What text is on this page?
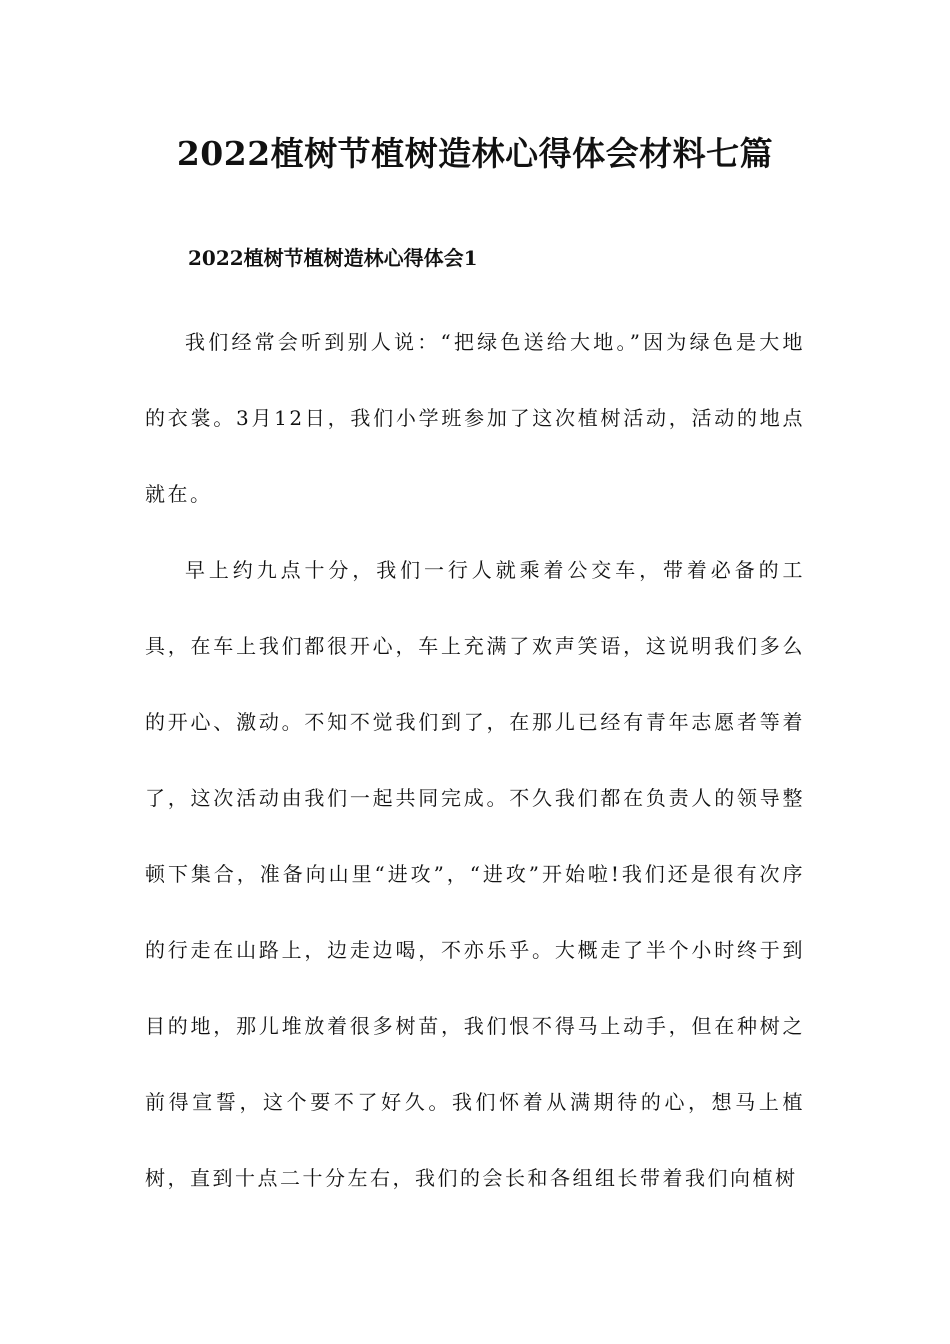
2022植树节植树造林心得体会材料七篇
2022植树节植树造林心得体会1

我们经常会听到别人说：“把绿色送给大地。”因为绿色是大地的衣裳。3月12日，我们小学班参加了这次植树活动，活动的地点就在。

早上约九点十分，我们一行人就乘着公交车，带着必备的工具，在车上我们都很开心，车上充满了欢声笑语，这说明我们多么的开心、激动。不知不觉我们到了，在那儿已经有青年志愿者等着了，这次活动由我们一起共同完成。不久我们都在负责人的领导整顿下集合，准备向山里“进攻”，“进攻”开始啦!我们还是很有次序的行走在山路上，边走边喝，不亦乐乎。大概走了半个小时终于到目的地，那儿堆放着很多树苗，我们恨不得马上动手，但在种树之前得宣誓，这个要不了好久。我们怀着从满期待的心，想马上植树，直到十点二十分左右，我们的会长和各组组长带着我们向植树
